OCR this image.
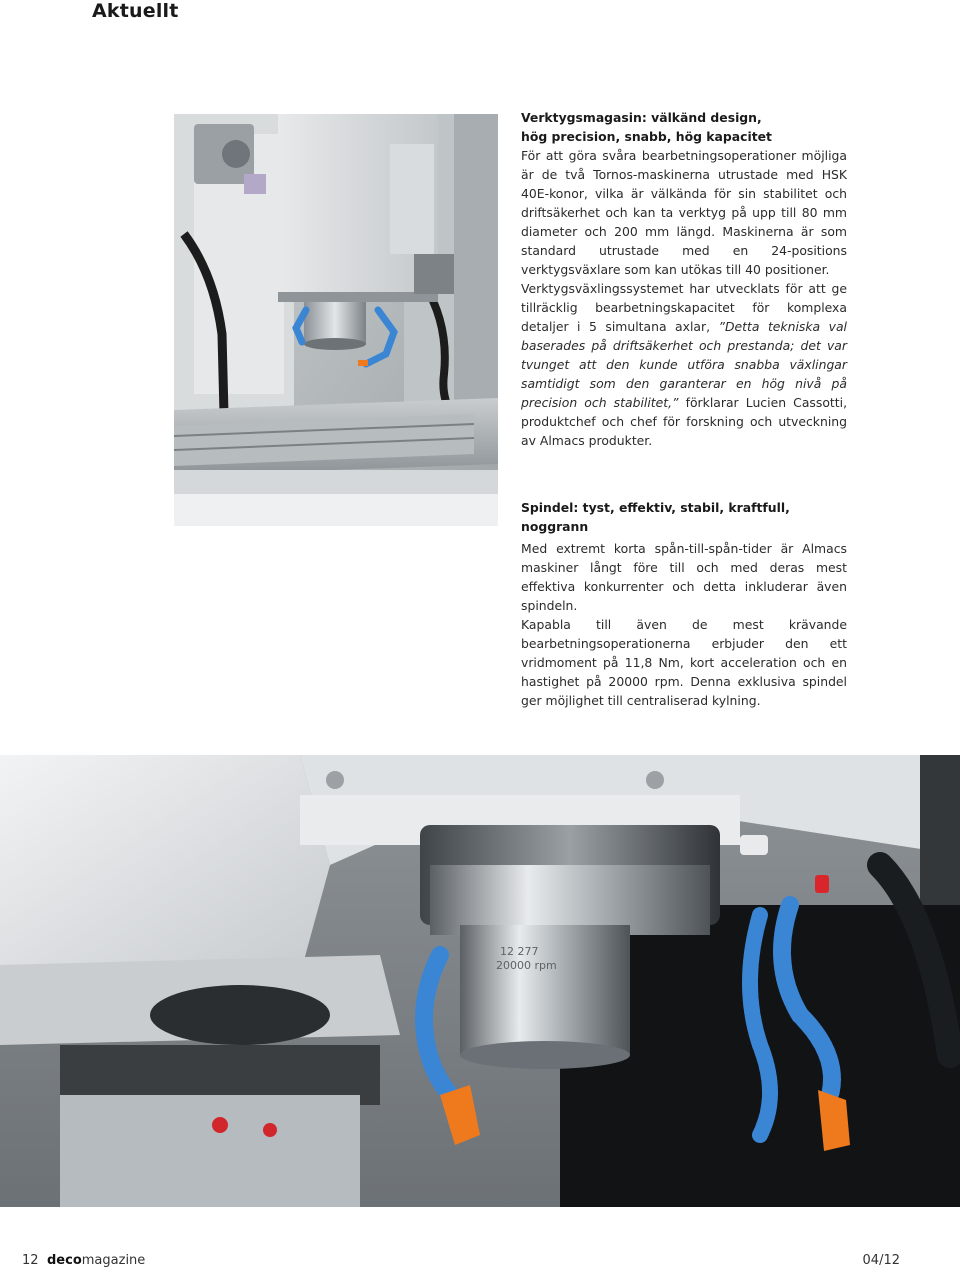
Aktuellt
Verktygsmagasin: välkänd design,
hög precision, snabb, hög kapacitet

För att göra svåra bearbetningsoperationer möjliga är de två Tornos-maskinerna utrustade med HSK 40E-konor, vilka är välkända för sin stabilitet och driftsäkerhet och kan ta verktyg på upp till 80 mm diameter och 200 mm längd. Maskinerna är som standard utrustade med en 24-positions verktygsväxlare som kan utökas till 40 positioner.

Verktygsväxlingssystemet har utvecklats för att ge tillräcklig bearbetningskapacitet för komplexa detaljer i 5 simultana axlar, ”Detta tekniska val baserades på driftsäkerhet och prestanda; det var tvunget att den kunde utföra snabba växlingar samtidigt som den garanterar en hög nivå på precision och stabilitet,” förklarar Lucien Cassotti, produktchef och chef för forskning och utveckning av Almacs produkter.

Spindel: tyst, effektiv, stabil, kraftfull, noggrann

Med extremt korta spån-till-spån-tider är Almacs maskiner långt före till och med deras mest effektiva konkurrenter och detta inkluderar även spindeln.

Kapabla till även de mest krävande bearbetningsoperationerna erbjuder den ett vridmoment på 11,8 Nm, kort acceleration och en hastighet på 20000 rpm. Denna exklusiva spindel ger möjlighet till centraliserad kylning.

12 277
20000 rpm
12 decomagazine	04/12
